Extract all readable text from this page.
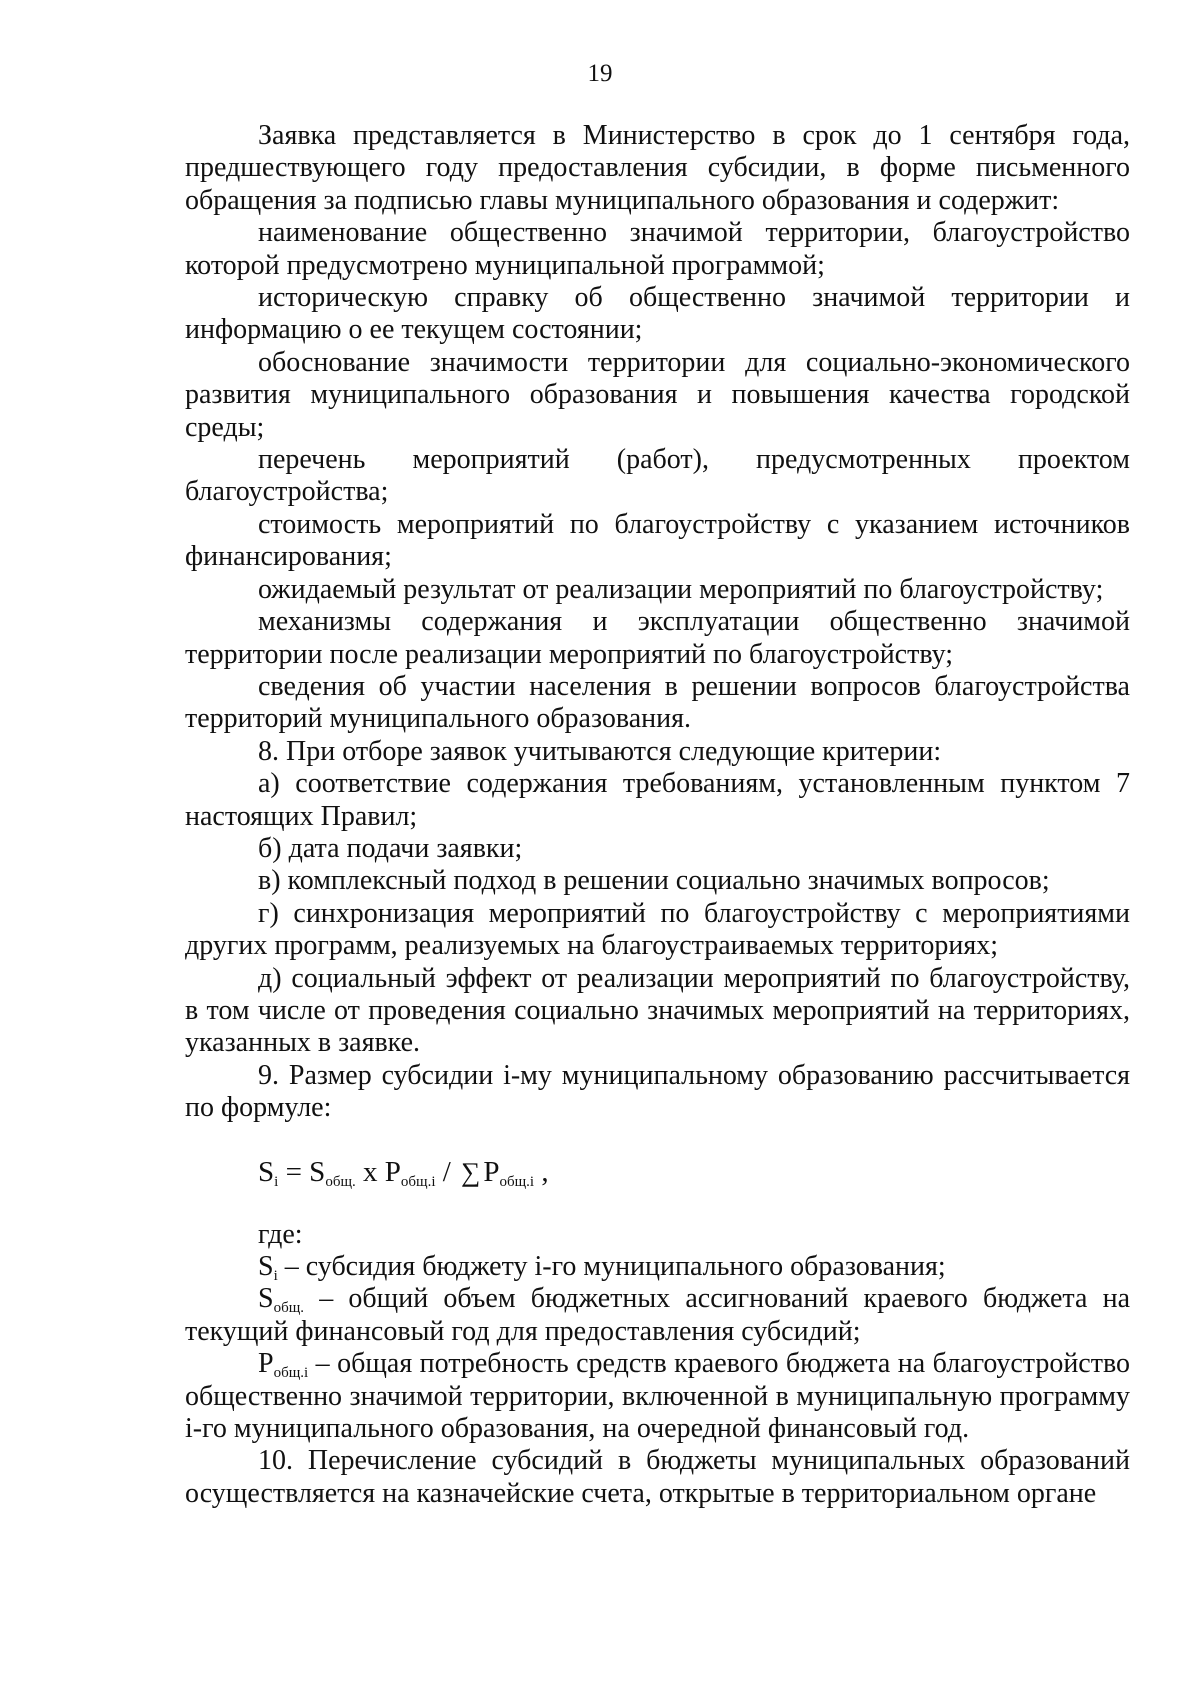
19

Заявка представляется в Министерство в срок до 1 сентября года, предшествующего году предоставления субсидии, в форме письменного обращения за подписью главы муниципального образования и содержит:

наименование общественно значимой территории, благоустройство которой предусмотрено муниципальной программой;

историческую справку об общественно значимой территории и информацию о ее текущем состоянии;

обоснование значимости территории для социально-экономического развития муниципального образования и повышения качества городской среды;

перечень мероприятий (работ), предусмотренных проектом благоустройства;

стоимость мероприятий по благоустройству с указанием источников финансирования;

ожидаемый результат от реализации мероприятий по благоустройству;

механизмы содержания и эксплуатации общественно значимой территории после реализации мероприятий по благоустройству;

сведения об участии населения в решении вопросов благоустройства территорий муниципального образования.

8. При отборе заявок учитываются следующие критерии:

а) соответствие содержания требованиям, установленным пунктом 7 настоящих Правил;

б) дата подачи заявки;

в) комплексный подход в решении социально значимых вопросов;

г) синхронизация мероприятий по благоустройству с мероприятиями других программ, реализуемых на благоустраиваемых территориях;

д) социальный эффект от реализации мероприятий по благоустройству, в том числе от проведения социально значимых мероприятий на территориях, указанных в заявке.

9. Размер субсидии i-му муниципальному образованию рассчитывается по формуле:

$S_i = S_{общ.}$ x $P_{общ.i}$ / ∑ $P_{общ.i}$ ,

где:

$S_i$ – субсидия бюджету i-го муниципального образования;

$S_{общ.}$ – общий объем бюджетных ассигнований краевого бюджета на текущий финансовый год для предоставления субсидий;

$P_{общ.i}$ – общая потребность средств краевого бюджета на благоустройство общественно значимой территории, включенной в муниципальную программу i-го муниципального образования, на очередной финансовый год.

10. Перечисление субсидий в бюджеты муниципальных образований осуществляется на казначейские счета, открытые в территориальном органе
